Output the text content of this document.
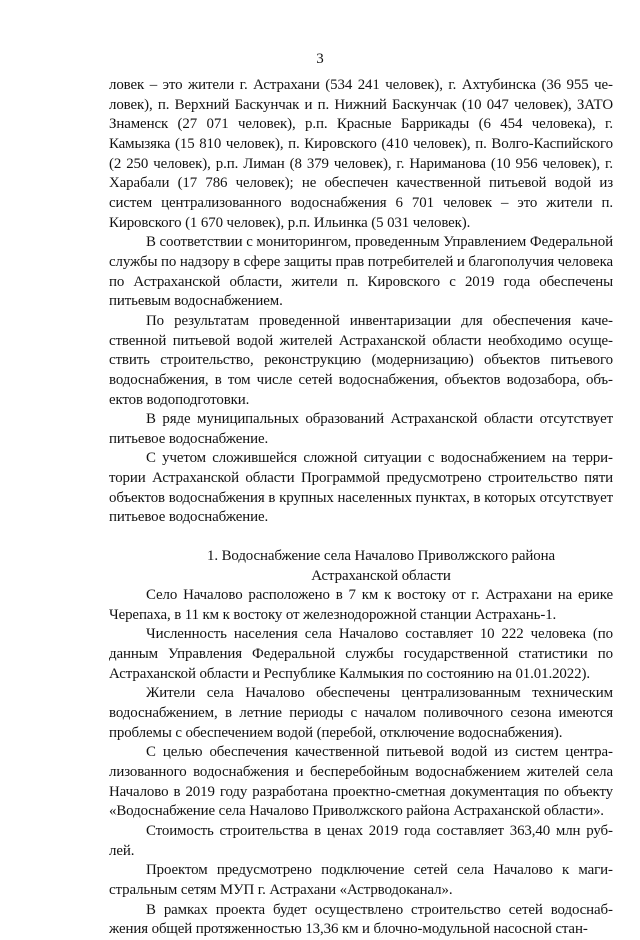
3

ловек – это жители г. Астрахани (534 241 человек), г. Ахтубинска (36 955 человек), п. Верхний Баскунчак и п. Нижний Баскунчак (10 047 человек), ЗАТО Знаменск (27 071 человек), р.п. Красные Баррикады (6 454 человека), г. Камызяка (15 810 человек), п. Кировского (410 человек), п. Волго-Каспийского (2 250 человек), р.п. Лиман (8 379 человек), г. Нариманова (10 956 человек), г. Харабали (17 786 человек); не обеспечен качественной питьевой водой из систем централизованного водоснабжения 6 701 человек – это жители п. Кировского (1 670 человек), р.п. Ильинка (5 031 человек).

В соответствии с мониторингом, проведенным Управлением Федеральной службы по надзору в сфере защиты прав потребителей и благополучия человека по Астраханской области, жители п. Кировского с 2019 года обеспечены питьевым водоснабжением.

По результатам проведенной инвентаризации для обеспечения качественной питьевой водой жителей Астраханской области необходимо осуществить строительство, реконструкцию (модернизацию) объектов питьевого водоснабжения, в том числе сетей водоснабжения, объектов водозабора, объектов водоподготовки.

В ряде муниципальных образований Астраханской области отсутствует питьевое водоснабжение.

С учетом сложившейся сложной ситуации с водоснабжением на территории Астраханской области Программой предусмотрено строительство пяти объектов водоснабжения в крупных населенных пунктах, в которых отсутствует питьевое водоснабжение.

1. Водоснабжение села Началово Приволжского района
Астраханской области

Село Началово расположено в 7 км к востоку от г. Астрахани на ерике Черепаха, в 11 км к востоку от железнодорожной станции Астрахань-1.

Численность населения села Началово составляет 10 222 человека (по данным Управления Федеральной службы государственной статистики по Астраханской области и Республике Калмыкия по состоянию на 01.01.2022).

Жители села Началово обеспечены централизованным техническим водоснабжением, в летние периоды с началом поливочного сезона имеются проблемы с обеспечением водой (перебой, отключение водоснабжения).

С целью обеспечения качественной питьевой водой из систем централизованного водоснабжения и бесперебойным водоснабжением жителей села Началово в 2019 году разработана проектно-сметная документация по объекту «Водоснабжение села Началово Приволжского района Астраханской области».

Стоимость строительства в ценах 2019 года составляет 363,40 млн рублей.

Проектом предусмотрено подключение сетей села Началово к магистральным сетям МУП г. Астрахани «Астрводоканал».

В рамках проекта будет осуществлено строительство сетей водоснабжения общей протяженностью 13,36 км и блочно-модульной насосной стан-
